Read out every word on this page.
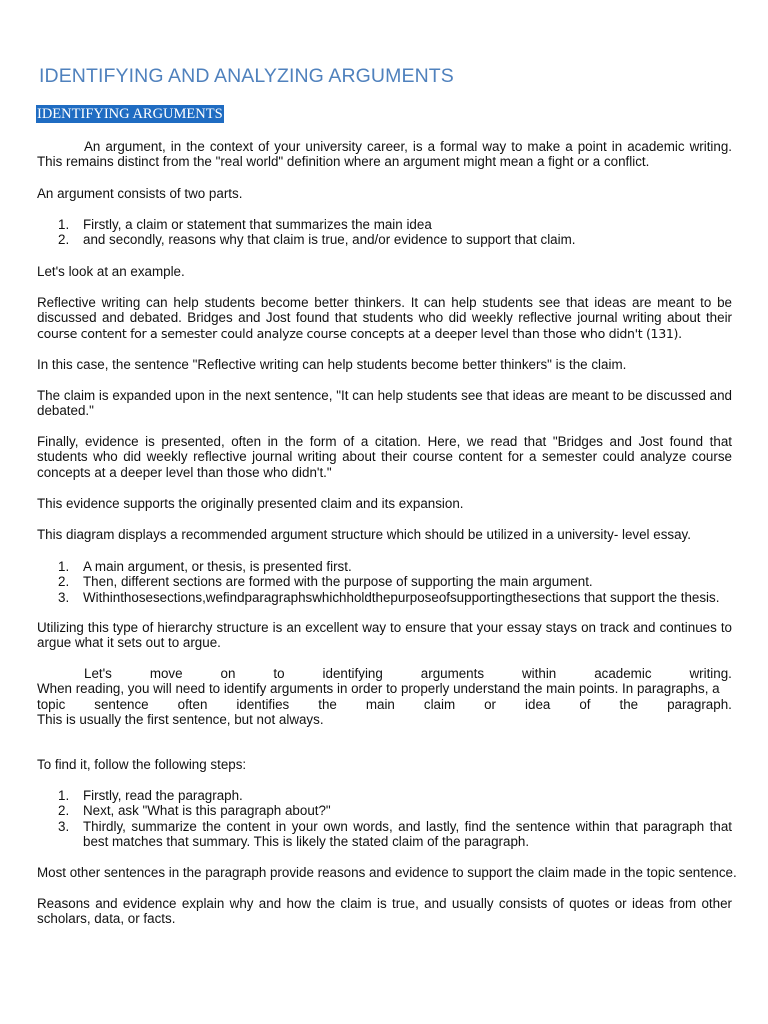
IDENTIFYING AND ANALYZING ARGUMENTS
IDENTIFYING ARGUMENTS

An argument, in the context of your university career, is a formal way to make a point in academic writing. This remains distinct from the "real world" definition where an argument might mean a fight or a conflict.

An argument consists of two parts.

1. Firstly, a claim or statement that summarizes the main idea
2. and secondly, reasons why that claim is true, and/or evidence to support that claim.

Let's look at an example.

Reflective writing can help students become better thinkers. It can help students see that ideas are meant to be discussed and debated. Bridges and Jost found that students who did weekly reflective journal writing about their
course content for a semester could analyze course concepts at a deeper level than those who didn't (131).

In this case, the sentence "Reflective writing can help students become better thinkers" is the claim.

The claim is expanded upon in the next sentence, "It can help students see that ideas are meant to be discussed and debated."

Finally, evidence is presented, often in the form of a citation. Here, we read that "Bridges and Jost found that students who did weekly reflective journal writing about their course content for a semester could analyze course concepts at a deeper level than those who didn't."

This evidence supports the originally presented claim and its expansion.

This diagram displays a recommended argument structure which should be utilized in a university- level essay.

1. A main argument, or thesis, is presented first.
2. Then, different sections are formed with the purpose of supporting the main argument.
3. Withinthosesections,wefindparagraphswhichholdthepurposeofsupportingthesections that support the thesis.

Utilizing this type of hierarchy structure is an excellent way to ensure that your essay stays on track and continues to argue what it sets out to argue.

Let's	move	on	to	identifying	arguments	within	academic	writing.
When reading, you will need to identify arguments in order to properly understand the main points. In paragraphs, a
topic sentence often identifies the main claim or idea of the paragraph.
This is usually the first sentence, but not always.

To find it, follow the following steps:

1. Firstly, read the paragraph.
2. Next, ask "What is this paragraph about?"
3. Thirdly, summarize the content in your own words, and lastly, find the sentence within that paragraph that best matches that summary. This is likely the stated claim of the paragraph.

Most other sentences in the paragraph provide reasons and evidence to support the claim made in the topic sentence.

Reasons and evidence explain why and how the claim is true, and usually consists of quotes or ideas from other scholars, data, or facts.
